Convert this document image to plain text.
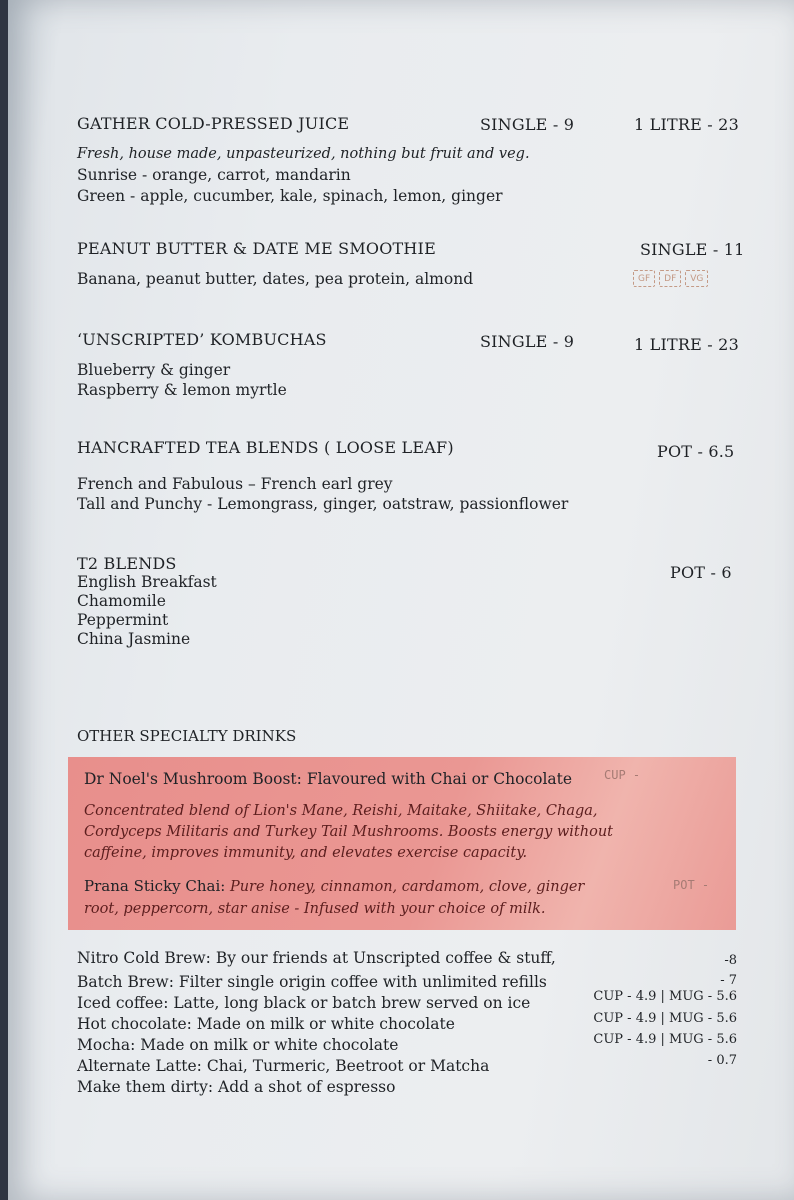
GATHER COLD-PRESSED JUICE	SINGLE - 9	1 LITRE - 23
Fresh, house made, unpasteurized, nothing but fruit and veg.
Sunrise - orange, carrot, mandarin
Green - apple, cucumber, kale, spinach, lemon, ginger
PEANUT BUTTER & DATE ME SMOOTHIE	SINGLE - 11
Banana, peanut butter, dates, pea protein, almond	GF	DF	VG
‘UNSCRIPTED’ KOMBUCHAS	SINGLE - 9	1 LITRE - 23
Blueberry & ginger
Raspberry & lemon myrtle
HANCRAFTED TEA BLENDS ( LOOSE LEAF)	POT - 6.5
French and Fabulous – French earl grey
Tall and Punchy - Lemongrass, ginger, oatstraw, passionflower
T2 BLENDS	POT - 6
English Breakfast
Chamomile
Peppermint
China Jasmine
OTHER SPECIALTY DRINKS
Dr Noel's Mushroom Boost: Flavoured with Chai or Chocolate	CUP -
Concentrated blend of Lion's Mane, Reishi, Maitake, Shiitake, Chaga,
Cordyceps Militaris and Turkey Tail Mushrooms. Boosts energy without
caffeine, improves immunity, and elevates exercise capacity.
Prana Sticky Chai: Pure honey, cinnamon, cardamom, clove, ginger
root, peppercorn, star anise - Infused with your choice of milk.
POT -
Nitro Cold Brew: By our friends at Unscripted coffee & stuff,	-8
Batch Brew: Filter single origin coffee with unlimited refills	- 7
Iced coffee: Latte, long black or batch brew served on ice	CUP - 4.9 | MUG - 5.6
Hot chocolate: Made on milk or white chocolate	CUP - 4.9 | MUG - 5.6
Mocha: Made on milk or white chocolate	CUP - 4.9 | MUG - 5.6
Alternate Latte: Chai, Turmeric, Beetroot or Matcha	- 0.7
Make them dirty: Add a shot of espresso
